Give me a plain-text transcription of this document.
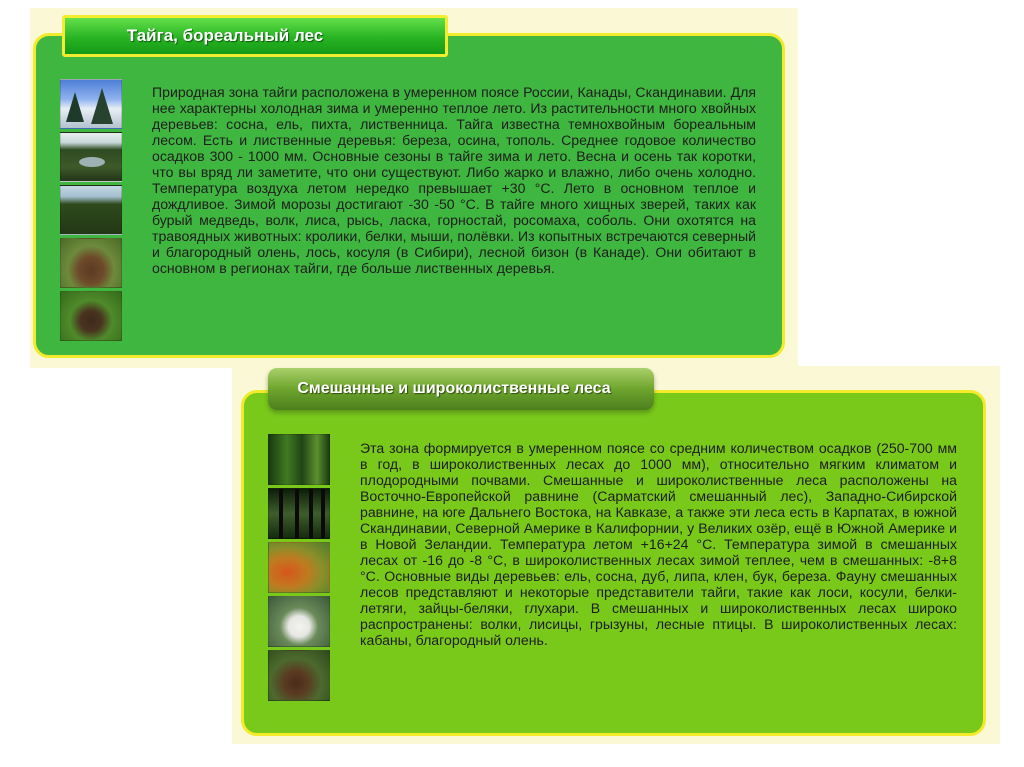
Тайга, бореальный лес

Природная зона тайги расположена в умеренном поясе России, Канады, Скандинавии. Для нее характерны холодная зима и умеренно теплое лето. Из растительности много хвойных деревьев: сосна, ель, пихта, лиственница. Тайга известна темнохвойным бореальным лесом. Есть и лиственные деревья: береза, осина, тополь. Среднее годовое количество осадков 300 - 1000 мм. Основные сезоны в тайге зима и лето. Весна и осень так коротки, что вы вряд ли заметите, что они существуют. Либо жарко и влажно, либо очень холодно. Температура воздуха летом нередко превышает +30 °С. Лето в основном теплое и дождливое. Зимой морозы достигают -30 -50 °С. В тайге много хищных зверей, таких как бурый медведь, волк, лиса, рысь, ласка, горностай, росомаха, соболь. Они охотятся на травоядных животных: кролики, белки, мыши, полёвки. Из копытных встречаются северный и благородный олень, лось, косуля (в Сибири), лесной бизон (в Канаде). Они обитают в основном в регионах тайги, где больше лиственных деревья.

Смешанные и широколиственные леса

Эта зона формируется в умеренном поясе со средним количеством осадков (250-700 мм в год, в широколиственных лесах до 1000 мм), относительно мягким климатом и плодородными почвами. Смешанные и широколиственные леса расположены на Восточно-Европейской равнине (Сарматский смешанный лес), Западно-Сибирской равнине, на юге Дальнего Востока, на Кавказе, а также эти леса есть в Карпатах, в южной Скандинавии, Северной Америке в Калифорнии, у Великих озёр, ещё в Южной Америке и в Новой Зеландии. Температура летом +16+24 °С. Температура зимой в смешанных лесах от -16 до -8 °С, в широколиственных лесах зимой теплее, чем в смешанных: -8+8 °С. Основные виды деревьев: ель, сосна, дуб, липа, клен, бук, береза. Фауну смешанных лесов представляют и некоторые представители тайги, такие как лоси, косули, белки-летяги, зайцы-беляки, глухари. В смешанных и широколиственных лесах широко распространены: волки, лисицы, грызуны, лесные птицы. В широколиственных лесах: кабаны, благородный олень.
